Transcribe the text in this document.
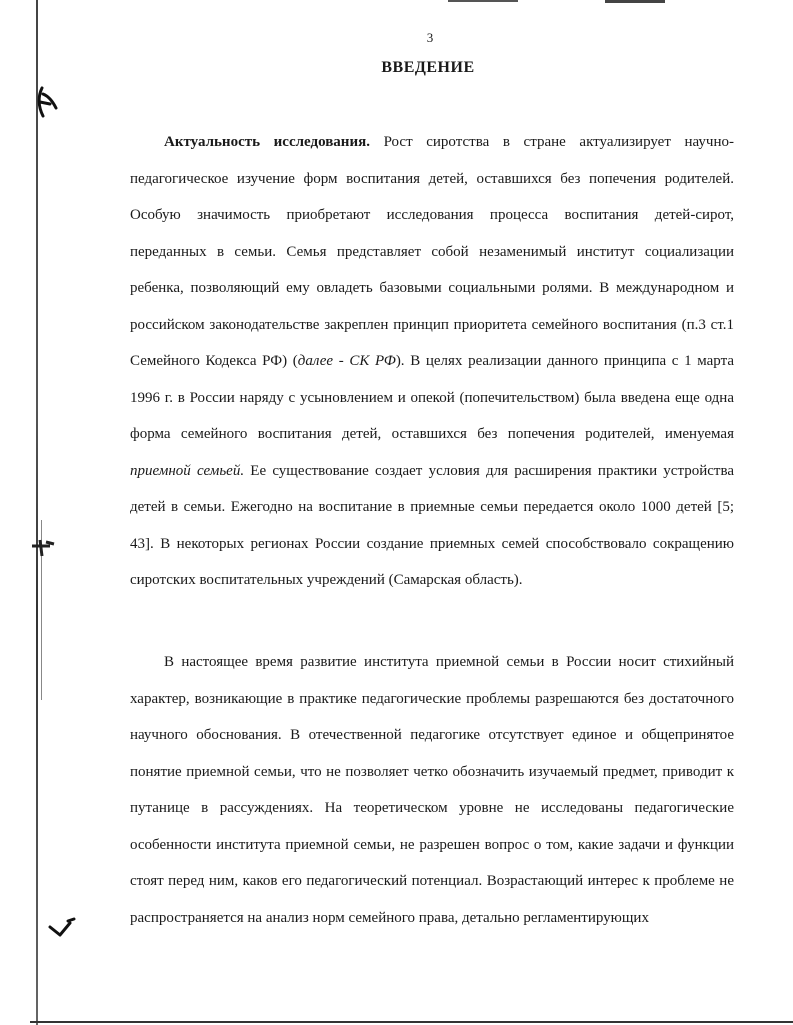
3
ВВЕДЕНИЕ
Актуальность исследования. Рост сиротства в стране актуализирует научно-педагогическое изучение форм воспитания детей, оставшихся без попечения родителей. Особую значимость приобретают исследования процесса воспитания детей-сирот, переданных в семьи. Семья представляет собой незаменимый институт социализации ребенка, позволяющий ему овладеть базовыми социальными ролями. В международном и российском законодательстве закреплен принцип приоритета семейного воспитания (п.3 ст.1 Семейного Кодекса РФ) (далее - СК РФ). В целях реализации данного принципа с 1 марта 1996 г. в России наряду с усыновлением и опекой (попечительством) была введена еще одна форма семейного воспитания детей, оставшихся без попечения родителей, именуемая приемной семьей. Ее существование создает условия для расширения практики устройства детей в семьи. Ежегодно на воспитание в приемные семьи передается около 1000 детей [5; 43]. В некоторых регионах России создание приемных семей способствовало сокращению сиротских воспитательных учреждений (Самарская область).
В настоящее время развитие института приемной семьи в России носит стихийный характер, возникающие в практике педагогические проблемы разрешаются без достаточного научного обоснования. В отечественной педагогике отсутствует единое и общепринятое понятие приемной семьи, что не позволяет четко обозначить изучаемый предмет, приводит к путанице в рассуждениях. На теоретическом уровне не исследованы педагогические особенности института приемной семьи, не разрешен вопрос о том, какие задачи и функции стоят перед ним, каков его педагогический потенциал. Возрастающий интерес к проблеме не распространяется на анализ норм семейного права, детально регламентирующих
